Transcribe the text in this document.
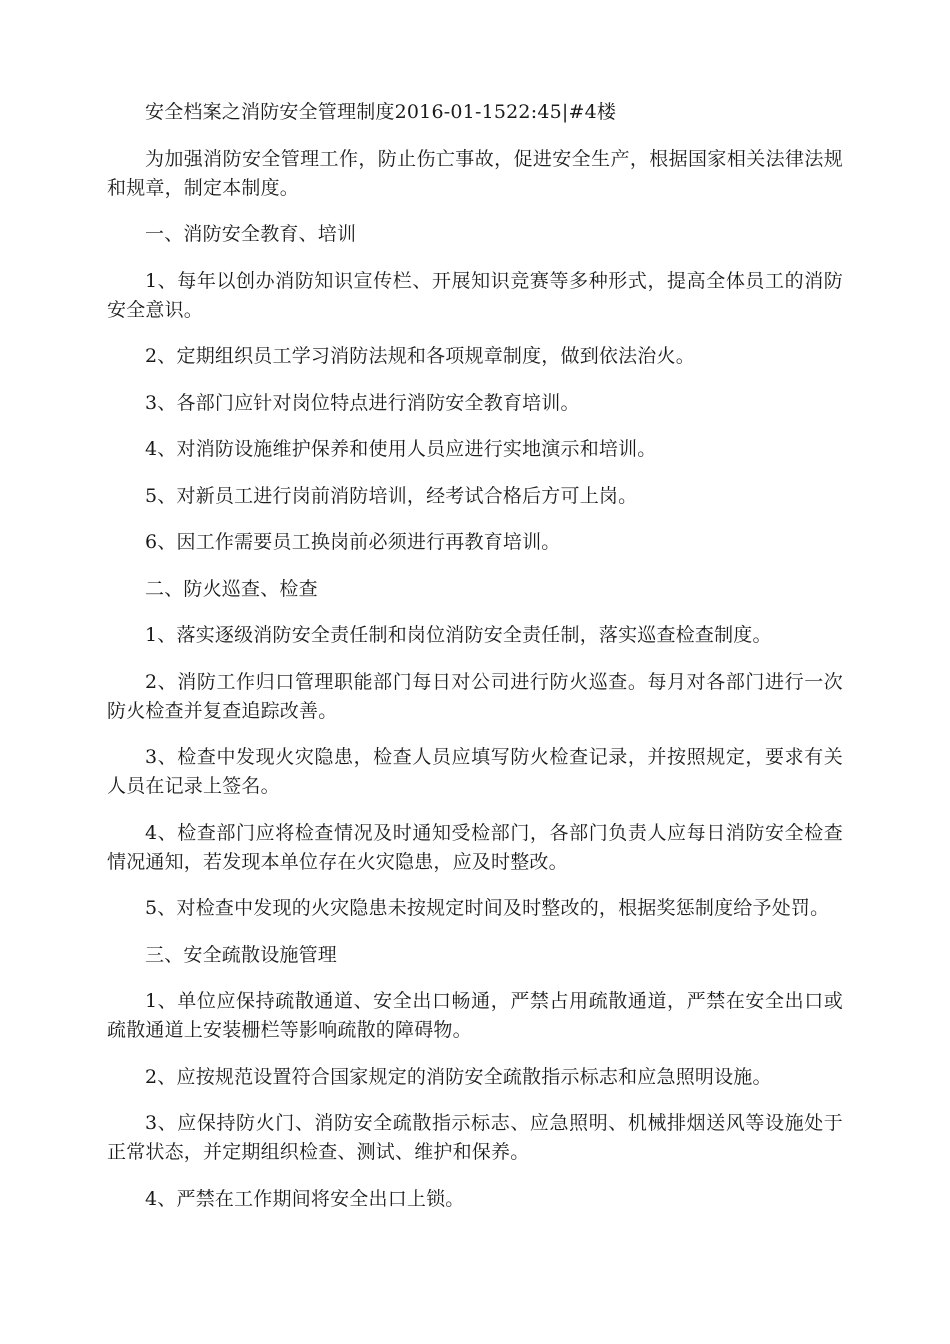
安全档案之消防安全管理制度2016-01-1522:45|#4楼

为加强消防安全管理工作，防止伤亡事故，促进安全生产，根据国家相关法律法规和规章，制定本制度。

一、消防安全教育、培训

1、每年以创办消防知识宣传栏、开展知识竞赛等多种形式，提高全体员工的消防安全意识。

2、定期组织员工学习消防法规和各项规章制度，做到依法治火。

3、各部门应针对岗位特点进行消防安全教育培训。

4、对消防设施维护保养和使用人员应进行实地演示和培训。

5、对新员工进行岗前消防培训，经考试合格后方可上岗。

6、因工作需要员工换岗前必须进行再教育培训。

二、防火巡查、检查

1、落实逐级消防安全责任制和岗位消防安全责任制，落实巡查检查制度。

2、消防工作归口管理职能部门每日对公司进行防火巡查。每月对各部门进行一次防火检查并复查追踪改善。

3、检查中发现火灾隐患，检查人员应填写防火检查记录，并按照规定，要求有关人员在记录上签名。

4、检查部门应将检查情况及时通知受检部门，各部门负责人应每日消防安全检查情况通知，若发现本单位存在火灾隐患，应及时整改。

5、对检查中发现的火灾隐患未按规定时间及时整改的，根据奖惩制度给予处罚。

三、安全疏散设施管理

1、单位应保持疏散通道、安全出口畅通，严禁占用疏散通道，严禁在安全出口或疏散通道上安装栅栏等影响疏散的障碍物。

2、应按规范设置符合国家规定的消防安全疏散指示标志和应急照明设施。

3、应保持防火门、消防安全疏散指示标志、应急照明、机械排烟送风等设施处于正常状态，并定期组织检查、测试、维护和保养。

4、严禁在工作期间将安全出口上锁。
